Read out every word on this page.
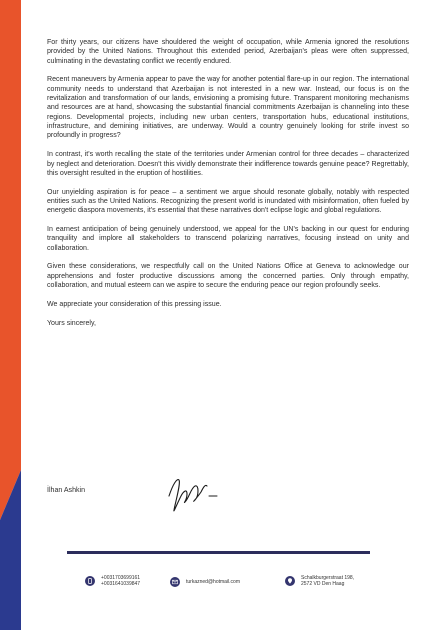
For thirty years, our citizens have shouldered the weight of occupation, while Armenia ignored the resolutions provided by the United Nations. Throughout this extended period, Azerbaijan's pleas were often suppressed, culminating in the devastating conflict we recently endured.

Recent maneuvers by Armenia appear to pave the way for another potential flare-up in our region. The international community needs to understand that Azerbaijan is not interested in a new war. Instead, our focus is on the revitalization and transformation of our lands, envisioning a promising future. Transparent monitoring mechanisms and resources are at hand, showcasing the substantial financial commitments Azerbaijan is channeling into these regions. Developmental projects, including new urban centers, transportation hubs, educational institutions, infrastructure, and demining initiatives, are underway. Would a country genuinely looking for strife invest so profoundly in progress?

In contrast, it's worth recalling the state of the territories under Armenian control for three decades – characterized by neglect and deterioration. Doesn't this vividly demonstrate their indifference towards genuine peace? Regrettably, this oversight resulted in the eruption of hostilities.

Our unyielding aspiration is for peace – a sentiment we argue should resonate globally, notably with respected entities such as the United Nations. Recognizing the present world is inundated with misinformation, often fueled by energetic diaspora movements, it's essential that these narratives don't eclipse logic and global regulations.

In earnest anticipation of being genuinely understood, we appeal for the UN's backing in our quest for enduring tranquility and implore all stakeholders to transcend polarizing narratives, focusing instead on unity and collaboration.

Given these considerations, we respectfully call on the United Nations Office at Geneva to acknowledge our apprehensions and foster productive discussions among the concerned parties. Only through empathy, collaboration, and mutual esteem can we aspire to secure the enduring peace our region profoundly seeks.

We appreciate your consideration of this pressing issue.

Yours sincerely,

İlhan Ashkin
+0031703699161
+0031641039847	turkazned@hotmail.com
Schalkburgerstraat 198,
2572 VD Den Haag
